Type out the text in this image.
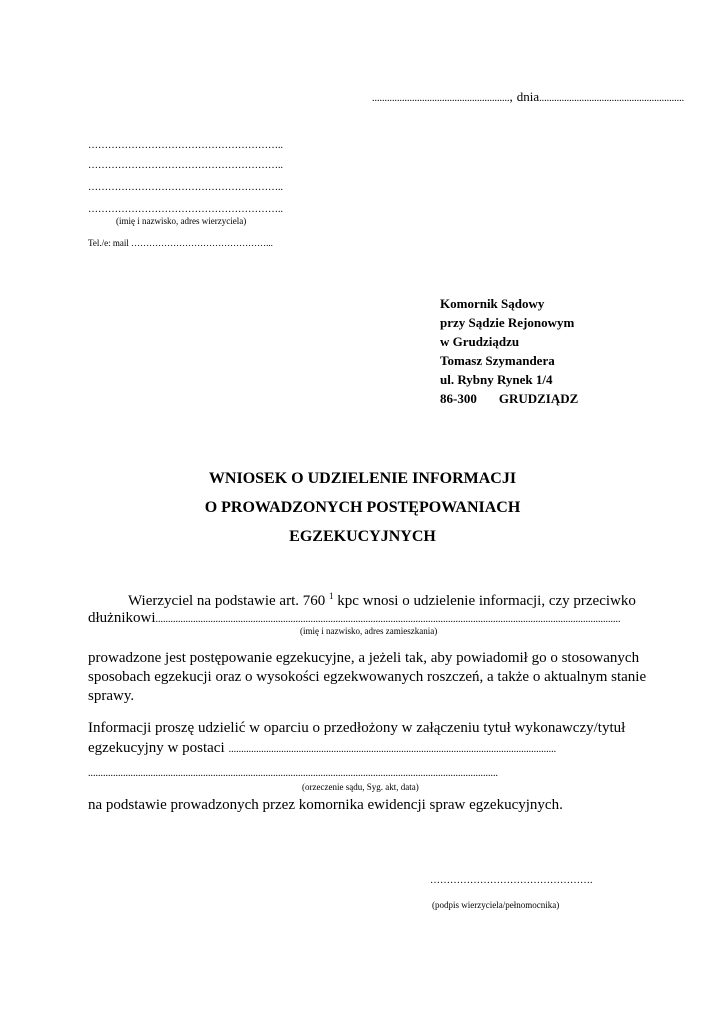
......................................................., dnia..........................................................
…………………………………………………..
…………………………………………………..
…………………………………………………..
…………………………………………………..
(imię i nazwisko, adres wierzyciela)
Tel./e: mail ………………………………………...
Komornik Sądowy
przy Sądzie Rejonowym
w Grudziądzu
Tomasz Szymandera
ul. Rybny Rynek 1/4
86-300 GRUDZIĄDZ
WNIOSEK O UDZIELENIE INFORMACJI
O PROWADZONYCH POSTĘPOWANIACH
EGZEKUCYJNYCH
Wierzyciel na podstawie art. 760 $^1$ kpc wnosi o udzielenie informacji, czy przeciwko
dłużnikowi..........................................................................................................................................................................................
(imię i nazwisko, adres zamieszkania)
prowadzone jest postępowanie egzekucyjne, a jeżeli tak, aby powiadomił go o stosowanych
sposobach egzekucji oraz o wysokości egzekwowanych roszczeń, a także o aktualnym stanie
sprawy.
Informacji proszę udzielić w oparciu o przedłożony w załączeniu tytuł wykonawczy/tytuł
egzekucyjny w postaci ...................................................................................................................................
....................................................................................................................................................................
(orzeczenie sądu, Syg. akt, data)
na podstawie prowadzonych przez komornika ewidencji spraw egzekucyjnych.
………………………………………….
(podpis wierzyciela/pełnomocnika)
